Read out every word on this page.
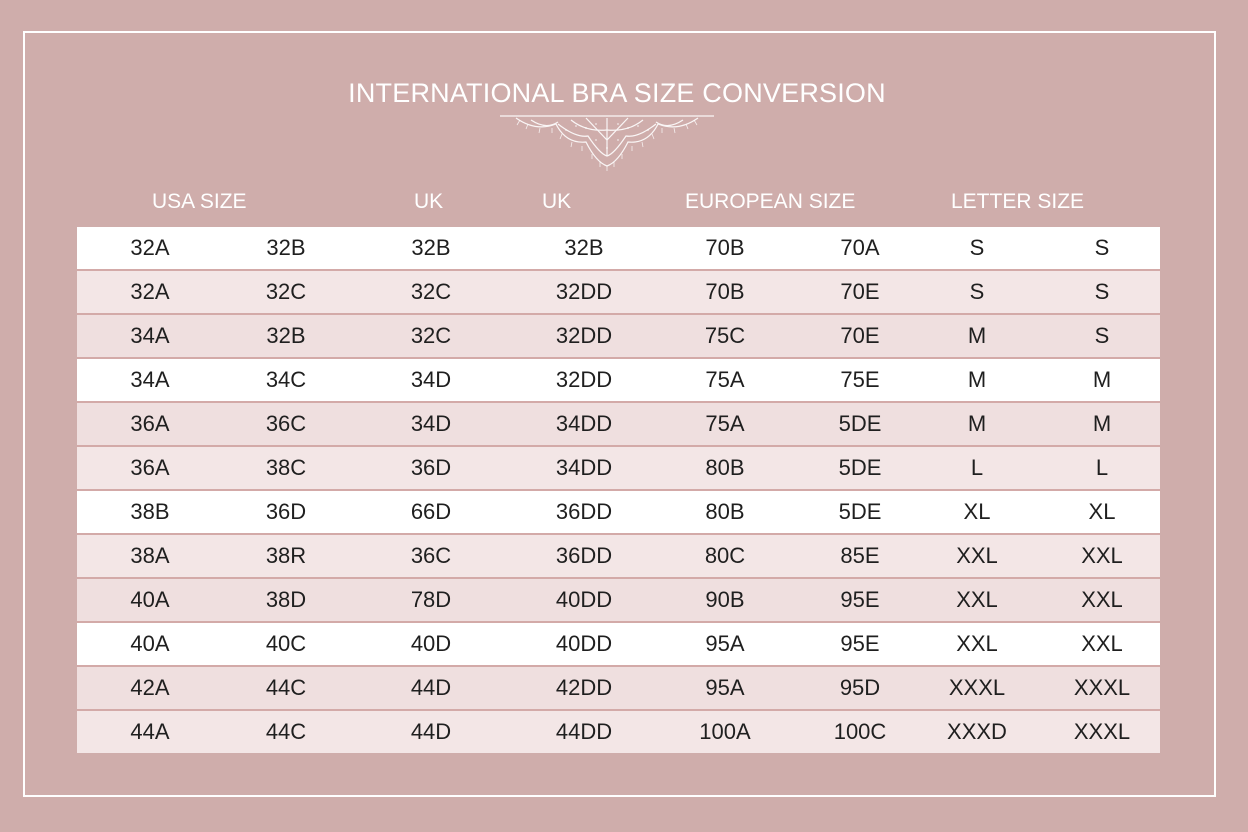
INTERNATIONAL BRA SIZE CONVERSION
USA SIZE	UK	UK	EUROPEAN SIZE	LETTER SIZE
32A	32B	32B	32B	70B	70A	S	S
32A	32C	32C	32DD	70B	70E	S	S
34A	32B	32C	32DD	75C	70E	M	S
34A	34C	34D	32DD	75A	75E	M	M
36A	36C	34D	34DD	75A	5DE	M	M
36A	38C	36D	34DD	80B	5DE	L	L
38B	36D	66D	36DD	80B	5DE	XL	XL
38A	38R	36C	36DD	80C	85E	XXL	XXL
40A	38D	78D	40DD	90B	95E	XXL	XXL
40A	40C	40D	40DD	95A	95E	XXL	XXL
42A	44C	44D	42DD	95A	95D	XXXL	XXXL
44A	44C	44D	44DD	100A	100C	XXXD	XXXL
